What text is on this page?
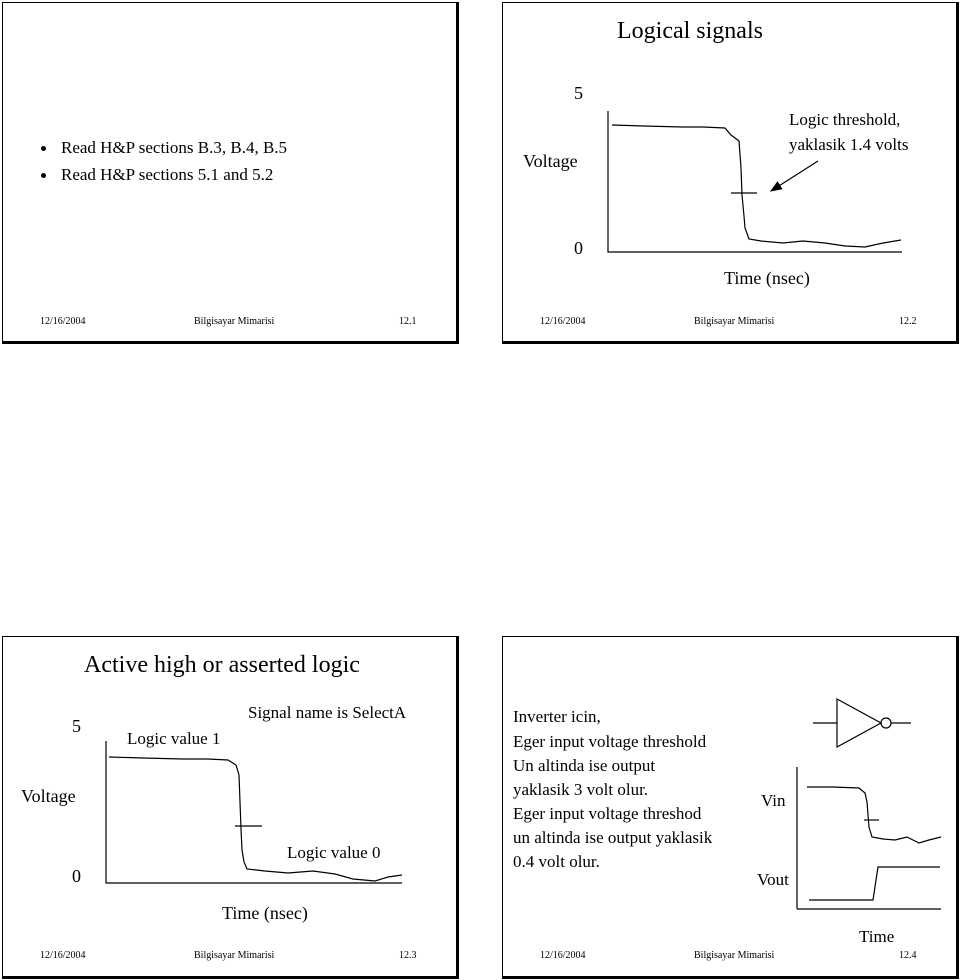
Read H&P sections B.3, B.4, B.5
Read H&P sections 5.1 and 5.2
12/16/2004	Bilgisayar Mimarisi	12.1
Logical signals
5
Voltage
0
Time (nsec)
Logic threshold,
yaklasik 1.4 volts
12/16/2004	Bilgisayar Mimarisi	12.2
Active high or asserted logic
5
Voltage
0
Signal name is SelectA
Logic value 1
Logic value 0
Time (nsec)
12/16/2004	Bilgisayar Mimarisi	12.3
Inverter icin,
Eger input voltage threshold
Un altinda ise output
yaklasik 3 volt olur.
Eger input voltage threshod
un altinda ise output yaklasik
0.4 volt olur.
Vin
Vout
Time
12/16/2004	Bilgisayar Mimarisi	12.4
